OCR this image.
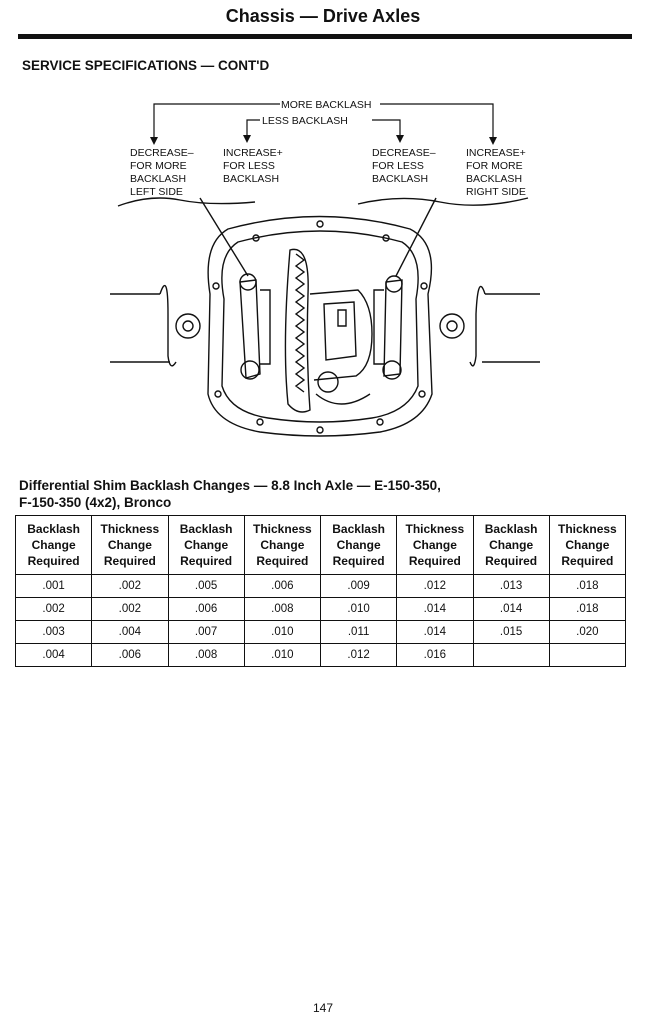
Chassis — Drive Axles
SERVICE SPECIFICATIONS — CONT'D
MORE BACKLASH
LESS BACKLASH
DECREASE– FOR MORE BACKLASH LEFT SIDE
INCREASE+ FOR LESS BACKLASH
DECREASE– FOR LESS BACKLASH
INCREASE+ FOR MORE BACKLASH RIGHT SIDE
Differential Shim Backlash Changes — 8.8 Inch Axle — E-150-350,
F-150-350 (4x2), Bronco
Backlash
Change
Required	Thickness
Change
Required	Backlash
Change
Required	Thickness
Change
Required	Backlash
Change
Required	Thickness
Change
Required	Backlash
Change
Required	Thickness
Change
Required
.001	.002	.005	.006	.009	.012	.013	.018
.002	.002	.006	.008	.010	.014	.014	.018
.003	.004	.007	.010	.011	.014	.015	.020
.004	.006	.008	.010	.012	.016		
147
